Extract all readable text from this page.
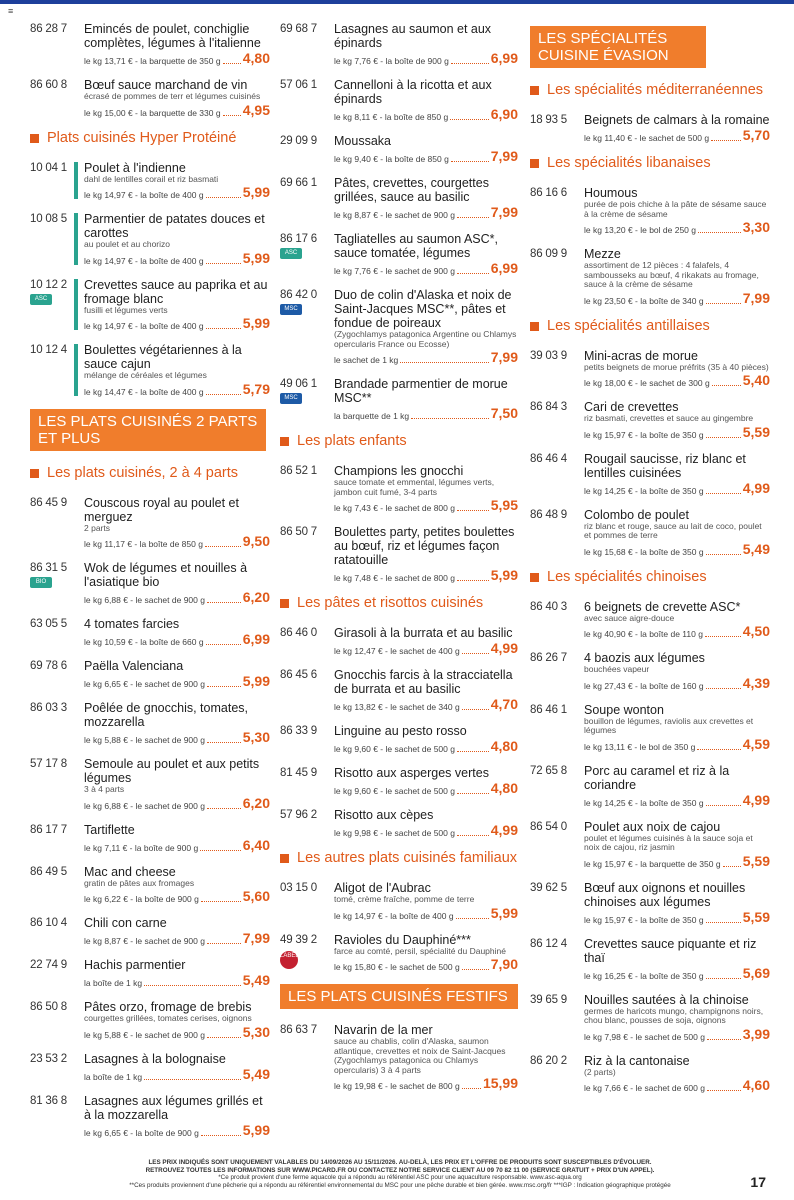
≡
86 28 7 Emincés de poulet, conchiglie complètes, légumes à l'italienne
le kg 13,71 € - la barquette de 350 g 4,80
86 60 8 Bœuf sauce marchand de vin
écrasé de pommes de terr et légumes cuisinés
le kg 15,00 € - la barquette de 330 g 4,95
Plats cuisinés Hyper Protéiné
10 04 1 Poulet à l'indienne
dahl de lentilles corail et riz basmati
le kg 14,97 € - la boîte de 400 g	5,99
10 08 5 Parmentier de patates douces et carottes
au poulet et au chorizo
le kg 14,97 € - la boîte de 400 g	5,99
10 12 2
ASC
Crevettes sauce au paprika et au fromage blanc
fusilli et légumes verts
le kg 14,97 € - la boîte de 400 g	5,99
10 12 4 Boulettes végétariennes à la sauce cajun
mélange de céréales et légumes
le kg 14,47 € - la boîte de 400 g	5,79
LES PLATS CUISINÉS 2 PARTS ET PLUS
Les plats cuisinés, 2 à 4 parts
86 45 9 Couscous royal au poulet et merguez
2 parts
le kg 11,17 € - la boîte de 850 g	9,50
86 31 5
BIO
Wok de légumes et nouilles à l'asiatique bio
le kg 6,88 € - le sachet de 900 g	6,20
63 05 5 4 tomates farcies
le kg 10,59 € - la boîte de 660 g	6,99
69 78 6 Paëlla Valenciana
le kg 6,65 € - le sachet de 900 g	5,99
86 03 3 Poêlée de gnocchis, tomates, mozzarella
le kg 5,88 € - le sachet de 900 g	5,30
57 17 8 Semoule au poulet et aux petits légumes
3 à 4 parts
le kg 6,88 € - le sachet de 900 g	6,20
86 17 7 Tartiflette
le kg 7,11 € - la boîte de 900 g	6,40
86 49 5 Mac and cheese
gratin de pâtes aux fromages
le kg 6,22 € - la boîte de 900 g	5,60
86 10 4 Chili con carne
le kg 8,87 € - le sachet de 900 g	7,99
22 74 9 Hachis parmentier
la boîte de 1 kg	5,49
86 50 8 Pâtes orzo, fromage de brebis
courgettes grillées, tomates cerises, oignons
le kg 5,88 € - le sachet de 900 g	5,30
23 53 2 Lasagnes à la bolognaise
la boîte de 1 kg	5,49
81 36 8 Lasagnes aux légumes grillés et à la mozzarella
le kg 6,65 € - la boîte de 900 g	5,99
69 68 7 Lasagnes au saumon et aux épinards
le kg 7,76 € - la boîte de 900 g	6,99
57 06 1 Cannelloni à la ricotta et aux épinards
le kg 8,11 € - la boîte de 850 g	6,90
29 09 9 Moussaka
le kg 9,40 € - la boîte de 850 g	7,99
69 66 1 Pâtes, crevettes, courgettes grillées, sauce au basilic
le kg 8,87 € - le sachet de 900 g	7,99
86 17 6
ASC
Tagliatelles au saumon ASC*, sauce tomatée, légumes
le kg 7,76 € - le sachet de 900 g	6,99
86 42 0
MSC
Duo de colin d'Alaska et noix de Saint-Jacques MSC**, pâtes et fondue de poireaux
(Zygochlamys patagonica Argentine ou Chlamys opercularis France ou Ecosse)
le sachet de 1 kg	7,99
49 06 1
MSC
Brandade parmentier de morue MSC**
la barquette de 1 kg	7,50
Les plats enfants
86 52 1 Champions les gnocchi
sauce tomate et emmental, légumes verts, jambon cuit fumé, 3-4 parts
le kg 7,43 € - le sachet de 800 g	5,95
86 50 7 Boulettes party, petites boulettes au bœuf, riz et légumes façon ratatouille
le kg 7,48 € - le sachet de 800 g	5,99
Les pâtes et risottos cuisinés
86 46 0 Girasoli à la burrata et au basilic
le kg 12,47 € - le sachet de 400 g 4,99
86 45 6 Gnocchis farcis à la stracciatella de burrata et au basilic
le kg 13,82 € - le sachet de 340 g 4,70
86 33 9 Linguine au pesto rosso
le kg 9,60 € - le sachet de 500 g	4,80
81 45 9 Risotto aux asperges vertes
le kg 9,60 € - le sachet de 500 g	4,80
57 96 2 Risotto aux cèpes
le kg 9,98 € - le sachet de 500 g	4,99
Les autres plats cuisinés familiaux
03 15 0 Aligot de l'Aubrac
tomé, crème fraîche, pomme de terre
le kg 14,97 € - la boîte de 400 g	5,99
49 39 2
LABEL
Ravioles du Dauphiné***
farce au comté, persil, spécialité du Dauphiné
le kg 15,80 € - le sachet de 500 g 7,90
LES PLATS CUISINÉS FESTIFS
86 63 7 Navarin de la mer
sauce au chablis, colin d'Alaska, saumon atlantique, crevettes et noix de Saint-Jacques (Zygochlamys patagonica ou Chlamys opercularis) 3 à 4 parts
le kg 19,98 € - le sachet de 800 g 15,99
LES SPÉCIALITÉS CUISINE ÉVASION
Les spécialités méditerranéennes
18 93 5 Beignets de calmars à la romaine
le kg 11,40 € - le sachet de 500 g 5,70
Les spécialités libanaises
86 16 6 Houmous
purée de pois chiche à la pâte de sésame sauce à la crème de sésame
le kg 13,20 € - le bol de 250 g	3,30
86 09 9 Mezze
assortiment de 12 pièces : 4 falafels, 4 sambousseks au bœuf, 4 rikakats au fromage, sauce à la crème de sésame
le kg 23,50 € - la boîte de 340 g	7,99
Les spécialités antillaises
39 03 9 Mini-acras de morue
petits beignets de morue préfrits (35 à 40 pièces)
le kg 18,00 € - le sachet de 300 g 5,40
86 84 3 Cari de crevettes
riz basmati, crevettes et sauce au gingembre
le kg 15,97 € - la boîte de 350 g	5,59
86 46 4 Rougail saucisse, riz blanc et lentilles cuisinées
le kg 14,25 € - la boîte de 350 g	4,99
86 48 9 Colombo de poulet
riz blanc et rouge, sauce au lait de coco, poulet et pommes de terre
le kg 15,68 € - la boîte de 350 g	5,49
Les spécialités chinoises
86 40 3 6 beignets de crevette ASC*
avec sauce aigre-douce
le kg 40,90 € - la boîte de 110 g	4,50
86 26 7 4 baozis aux légumes
bouchées vapeur
le kg 27,43 € - la boîte de 160 g	4,39
86 46 1 Soupe wonton
bouillon de légumes, raviolis aux crevettes et légumes
le kg 13,11 € - le bol de 350 g	4,59
72 65 8 Porc au caramel et riz à la coriandre
le kg 14,25 € - la boîte de 350 g	4,99
86 54 0 Poulet aux noix de cajou
poulet et légumes cuisinés à la sauce soja et noix de cajou, riz jasmin
le kg 15,97 € - la barquette de 350 g 5,59
39 62 5 Bœuf aux oignons et nouilles chinoises aux légumes
le kg 15,97 € - la boîte de 350 g	5,59
86 12 4 Crevettes sauce piquante et riz thaï
le kg 16,25 € - la boîte de 350 g	5,69
39 65 9 Nouilles sautées à la chinoise
germes de haricots mungo, champignons noirs, chou blanc, pousses de soja, oignons
le kg 7,98 € - le sachet de 500 g	3,99
86 20 2 Riz à la cantonaise
(2 parts)
le kg 7,66 € - le sachet de 600 g	4,60
LES PRIX INDIQUÉS SONT UNIQUEMENT VALABLES DU 14/09/2026 AU 15/11/2026. AU-DELÀ, LES PRIX ET L'OFFRE DE PRODUITS SONT SUSCEPTIBLES D'ÉVOLUER.
RETROUVEZ TOUTES LES INFORMATIONS SUR WWW.PICARD.FR OU CONTACTEZ NOTRE SERVICE CLIENT AU 09 70 82 11 00 (SERVICE GRATUIT + PRIX D'UN APPEL).
*Ce produit provient d'une ferme aquacole qui a répondu au référentiel ASC pour une aquaculture responsable. www.asc-aqua.org
**Ces produits proviennent d'une pêcherie qui a répondu au référentiel environnemental du MSC pour une pêche durable et bien gérée. www.msc.org/fr ***IGP : Indication géographique protégée	17
